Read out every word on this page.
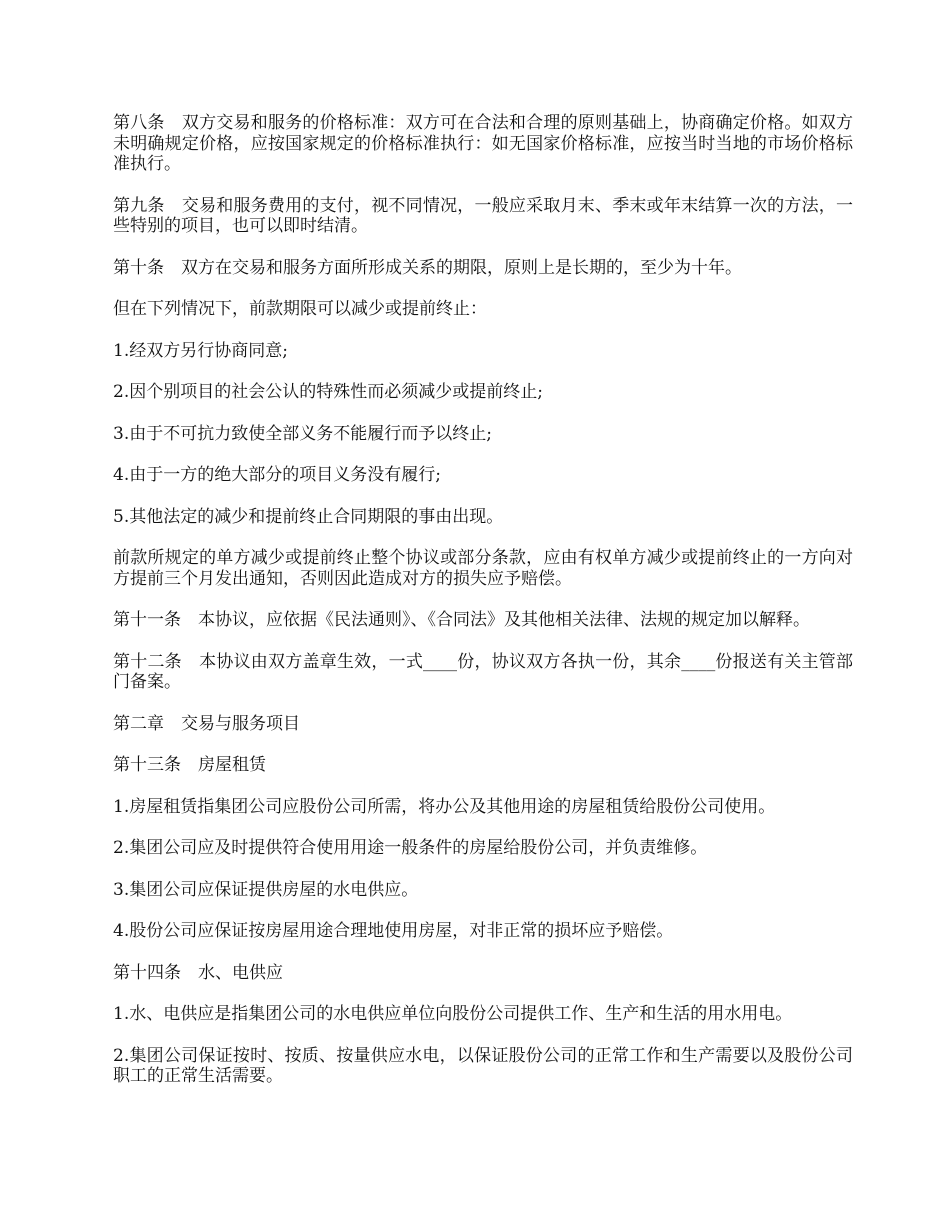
第八条　双方交易和服务的价格标准：双方可在合法和合理的原则基础上，协商确定价格。如双方未明确规定价格，应按国家规定的价格标准执行：如无国家价格标准，应按当时当地的市场价格标准执行。

第九条　交易和服务费用的支付，视不同情况，一般应采取月末、季末或年末结算一次的方法，一些特别的项目，也可以即时结清。

第十条　双方在交易和服务方面所形成关系的期限，原则上是长期的，至少为十年。

但在下列情况下，前款期限可以减少或提前终止：

1.经双方另行协商同意;

2.因个别项目的社会公认的特殊性而必须减少或提前终止;

3.由于不可抗力致使全部义务不能履行而予以终止;

4.由于一方的绝大部分的项目义务没有履行;

5.其他法定的减少和提前终止合同期限的事由出现。

前款所规定的单方减少或提前终止整个协议或部分条款，应由有权单方减少或提前终止的一方向对方提前三个月发出通知，否则因此造成对方的损失应予赔偿。

第十一条　本协议，应依据《民法通则》、《合同法》及其他相关法律、法规的规定加以解释。

第十二条　本协议由双方盖章生效，一式____份，协议双方各执一份，其余____份报送有关主管部门备案。

第二章　交易与服务项目

第十三条　房屋租赁

1.房屋租赁指集团公司应股份公司所需，将办公及其他用途的房屋租赁给股份公司使用。

2.集团公司应及时提供符合使用用途一般条件的房屋给股份公司，并负责维修。

3.集团公司应保证提供房屋的水电供应。

4.股份公司应保证按房屋用途合理地使用房屋，对非正常的损坏应予赔偿。

第十四条　水、电供应

1.水、电供应是指集团公司的水电供应单位向股份公司提供工作、生产和生活的用水用电。

2.集团公司保证按时、按质、按量供应水电，以保证股份公司的正常工作和生产需要以及股份公司职工的正常生活需要。
